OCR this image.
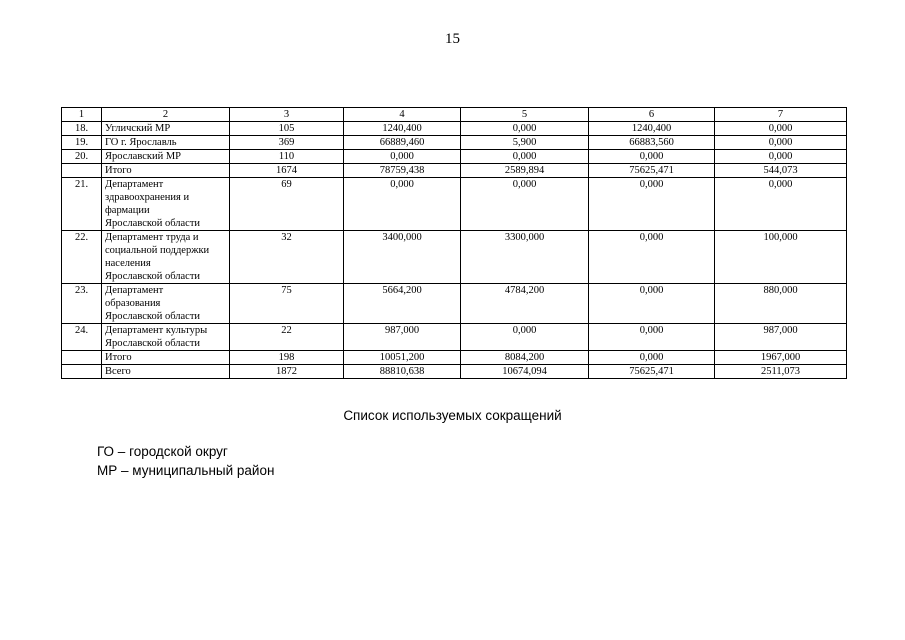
15
1	2	3	4	5	6	7
18.	Угличский МР	105	1240,400	0,000	1240,400	0,000
19.	ГО г. Ярославль	369	66889,460	5,900	66883,560	0,000
20.	Ярославский МР	110	0,000	0,000	0,000	0,000

	Итого	1674	78759,438	2589,894	75625,471	544,073
21.	Департамент
здравоохранения и
фармации
Ярославской области	69	0,000	0,000	0,000	0,000
22.	Департамент труда и
социальной поддержки
населения
Ярославской области	32	3400,000	3300,000	0,000	100,000
23.	Департамент
образования
Ярославской области	75	5664,200	4784,200	0,000	880,000
24.	Департамент культуры
Ярославской области	22	987,000	0,000	0,000	987,000

	Итого	198	10051,200	8084,200	0,000	1967,000

	Всего	1872	88810,638	10674,094	75625,471	2511,073
Список используемых сокращений
ГО – городской округ
МР – муниципальный район
